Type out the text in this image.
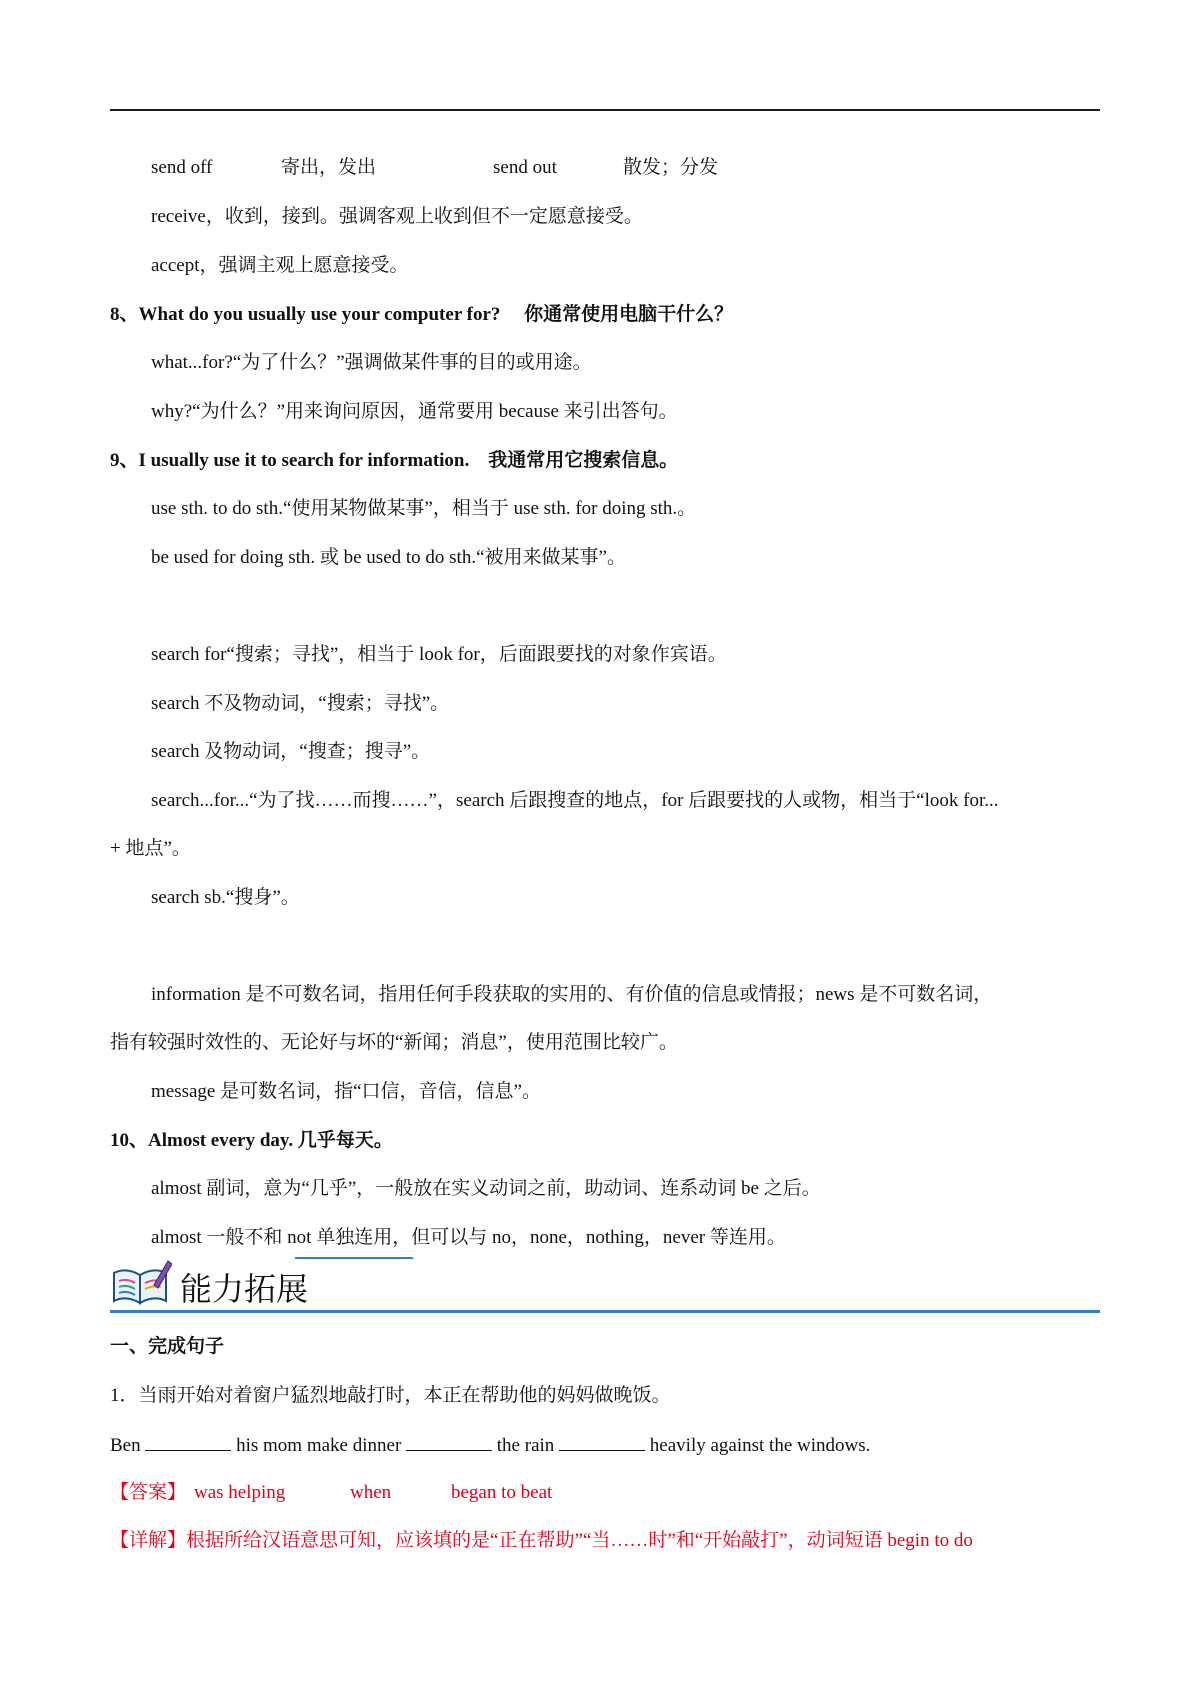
send off	寄出，发出	send out	散发；分发
receive，收到，接到。强调客观上收到但不一定愿意接受。
accept，强调主观上愿意接受。
8、What do you usually use your computer for?　 你通常使用电脑干什么？
what...for?“为了什么？”强调做某件事的目的或用途。
why?“为什么？”用来询问原因，通常要用 because 来引出答句。
9、I usually use it to search for information.　我通常用它搜索信息。
use sth. to do sth.“使用某物做某事”，相当于 use sth. for doing sth.。
be used for doing sth. 或 be used to do sth.“被用来做某事”。
search for“搜索；寻找”，相当于 look for，后面跟要找的对象作宾语。
search 不及物动词，“搜索；寻找”。
search 及物动词，“搜查；搜寻”。
search...for...“为了找……而搜……”，search 后跟搜查的地点，for 后跟要找的人或物，相当于“look for...
+ 地点”。
search sb.“搜身”。
information 是不可数名词，指用任何手段获取的实用的、有价值的信息或情报；news 是不可数名词，
指有较强时效性的、无论好与坏的“新闻；消息”，使用范围比较广。
message 是可数名词，指“口信，音信，信息”。
10、Almost every day. 几乎每天。
almost 副词，意为“几乎”，一般放在实义动词之前，助动词、连系动词 be 之后。
almost 一般不和 not 单独连用，但可以与 no，none，nothing，never 等连用。
能力拓展
一、完成句子
1．当雨开始对着窗户猛烈地敲打时，本正在帮助他的妈妈做晚饭。
Ben	his mom make dinner	the rain	heavily against the windows.
【答案】 was helping	when	began to beat
【详解】根据所给汉语意思可知，应该填的是“正在帮助”“当……时”和“开始敲打”，动词短语 begin to do
